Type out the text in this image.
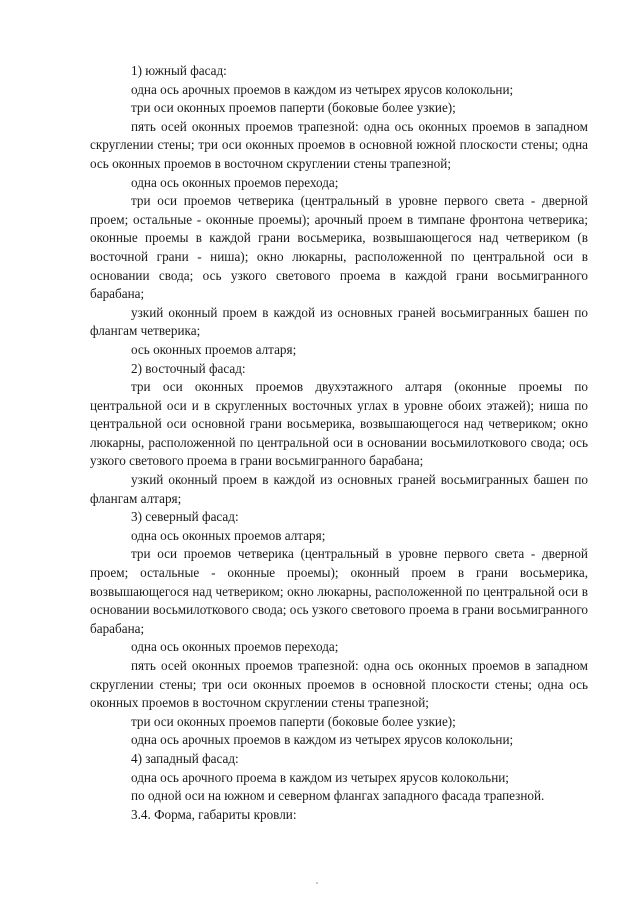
1) южный фасад:

одна ось арочных проемов в каждом из четырех ярусов колокольни;

три оси оконных проемов паперти (боковые более узкие);

пять осей оконных проемов трапезной: одна ось оконных проемов в западном скруглении стены; три оси оконных проемов в основной южной плоскости стены; одна ось оконных проемов в восточном скруглении стены трапезной;

одна ось оконных проемов перехода;

три оси проемов четверика (центральный в уровне первого света - дверной проем; остальные - оконные проемы); арочный проем в тимпане фронтона четверика; оконные проемы в каждой грани восьмерика, возвышающегося над четвериком (в восточной грани - ниша); окно люкарны, расположенной по центральной оси в основании свода; ось узкого светового проема в каждой грани восьмигранного барабана;

узкий оконный проем в каждой из основных граней восьмигранных башен по флангам четверика;

ось оконных проемов алтаря;

2) восточный фасад:

три оси оконных проемов двухэтажного алтаря (оконные проемы по центральной оси и в скругленных восточных углах в уровне обоих этажей); ниша по центральной оси основной грани восьмерика, возвышающегося над четвериком; окно люкарны, расположенной по центральной оси в основании восьмилоткового свода; ось узкого светового проема в грани восьмигранного барабана;

узкий оконный проем в каждой из основных граней восьмигранных башен по флангам алтаря;

3) северный фасад:

одна ось оконных проемов алтаря;

три оси проемов четверика (центральный в уровне первого света - дверной проем; остальные - оконные проемы); оконный проем в грани восьмерика, возвышающегося над четвериком; окно люкарны, расположенной по центральной оси в основании восьмилоткового свода; ось узкого светового проема в грани восьмигранного барабана;

одна ось оконных проемов перехода;

пять осей оконных проемов трапезной: одна ось оконных проемов в западном скруглении стены; три оси оконных проемов в основной плоскости стены; одна ось оконных проемов в восточном скруглении стены трапезной;

три оси оконных проемов паперти (боковые более узкие);

одна ось арочных проемов в каждом из четырех ярусов колокольни;

4) западный фасад:

одна ось арочного проема в каждом из четырех ярусов колокольни;

по одной оси на южном и северном флангах западного фасада трапезной.

3.4. Форма, габариты кровли:
